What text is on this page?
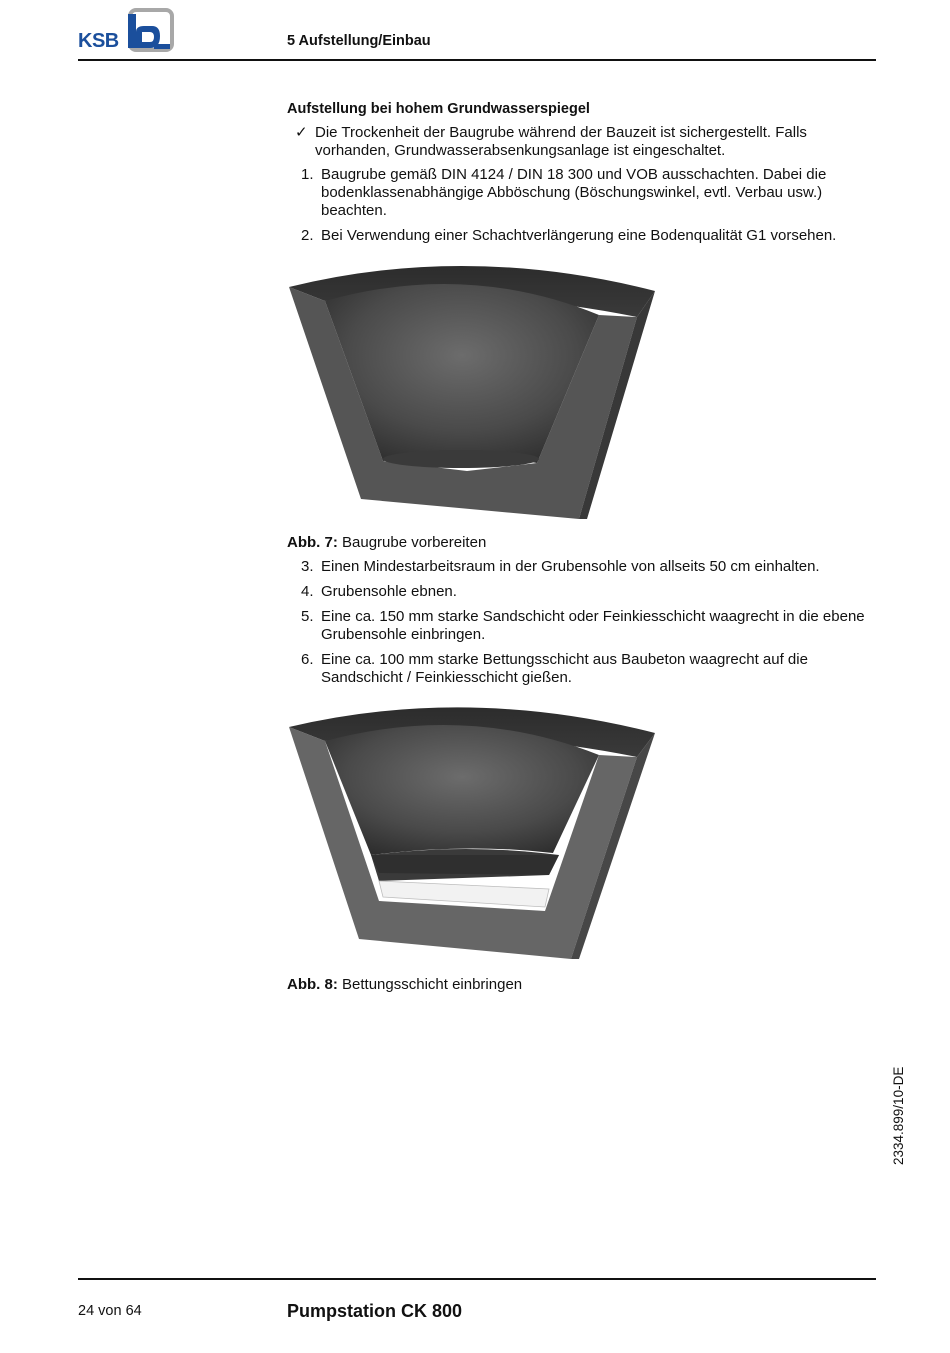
KSB	5 Aufstellung/Einbau
Aufstellung bei hohem Grundwasserspiegel
✓ Die Trockenheit der Baugrube während der Bauzeit ist sichergestellt. Falls vorhanden, Grundwasserabsenkungsanlage ist eingeschaltet.
1. Baugrube gemäß DIN 4124 / DIN 18 300 und VOB ausschachten. Dabei die bodenklassenabhängige Abböschung (Böschungswinkel, evtl. Verbau usw.) beachten.
2. Bei Verwendung einer Schachtverlängerung eine Bodenqualität G1 vorsehen.
Abb. 7: Baugrube vorbereiten
3. Einen Mindestarbeitsraum in der Grubensohle von allseits 50 cm einhalten.
4. Grubensohle ebnen.
5. Eine ca. 150 mm starke Sandschicht oder Feinkiesschicht waagrecht in die ebene Grubensohle einbringen.
6. Eine ca. 100 mm starke Bettungsschicht aus Baubeton waagrecht auf die Sandschicht / Feinkiesschicht gießen.
Abb. 8: Bettungsschicht einbringen
2334.899/10-DE
24 von 64	Pumpstation CK 800
